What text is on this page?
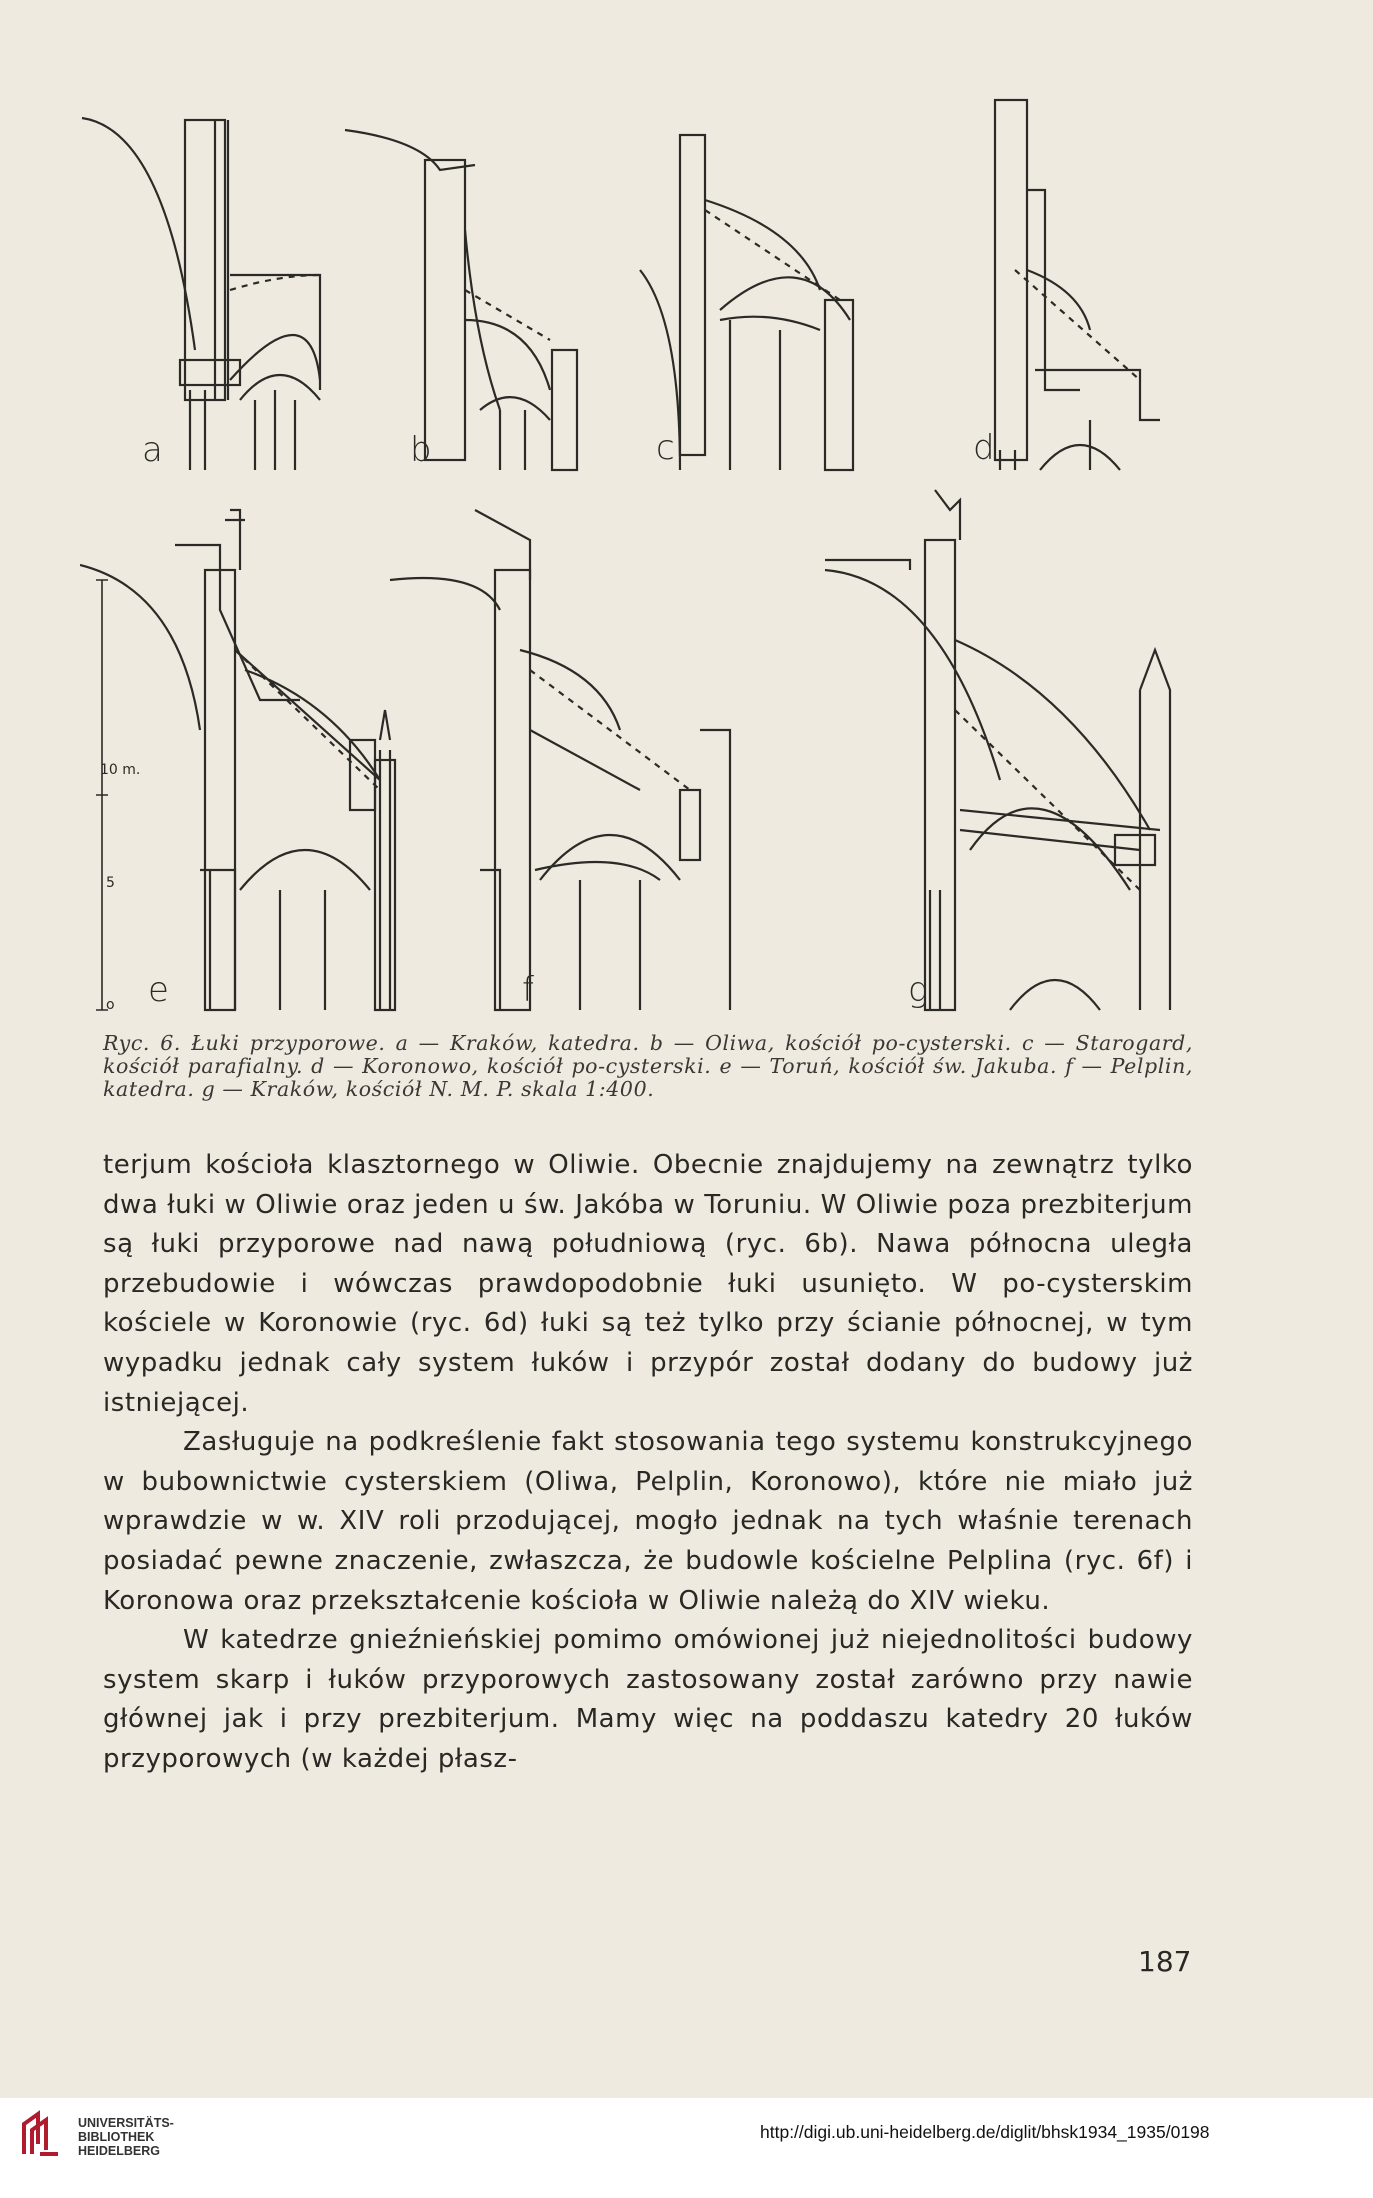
a	b	c	d
e	f	g
10 m.
5
o
Ryc. 6. Łuki przyporowe. a — Kraków, katedra. b — Oliwa, kościół po-cysterski. c — Starogard, kościół parafialny. d — Koronowo, kościół po-cysterski. e — Toruń, kościół św. Jakuba. f — Pelplin, katedra. g — Kraków, kościół N. M. P. skala 1:400.

terjum kościoła klasztornego w Oliwie. Obecnie znajdujemy na zewnątrz tylko dwa łuki w Oliwie oraz jeden u św. Jakóba w Toruniu. W Oliwie poza prezbiterjum są łuki przyporowe nad nawą południową (ryc. 6b). Nawa północna uległa przebudowie i wówczas prawdopodobnie łuki usunięto. W po-cysterskim kościele w Koronowie (ryc. 6d) łuki są też tylko przy ścianie północnej, w tym wypadku jednak cały system łuków i przypór został dodany do budowy już istniejącej.

Zasługuje na podkreślenie fakt stosowania tego systemu konstrukcyjnego w bubownictwie cysterskiem (Oliwa, Pelplin, Koronowo), które nie miało już wprawdzie w w. XIV roli przodującej, mogło jednak na tych właśnie terenach posiadać pewne znaczenie, zwłaszcza, że budowle kościelne Pelplina (ryc. 6f) i Koronowa oraz przekształcenie kościoła w Oliwie należą do XIV wieku.

W katedrze gnieźnieńskiej pomimo omówionej już niejednolitości budowy system skarp i łuków przyporowych zastosowany został zarówno przy nawie głównej jak i przy prezbiterjum. Mamy więc na poddaszu katedry 20 łuków przyporowych (w każdej płasz-

187
UNIVERSITÄTS-
BIBLIOTHEK
HEIDELBERG
http://digi.ub.uni-heidelberg.de/diglit/bhsk1934_1935/0198
